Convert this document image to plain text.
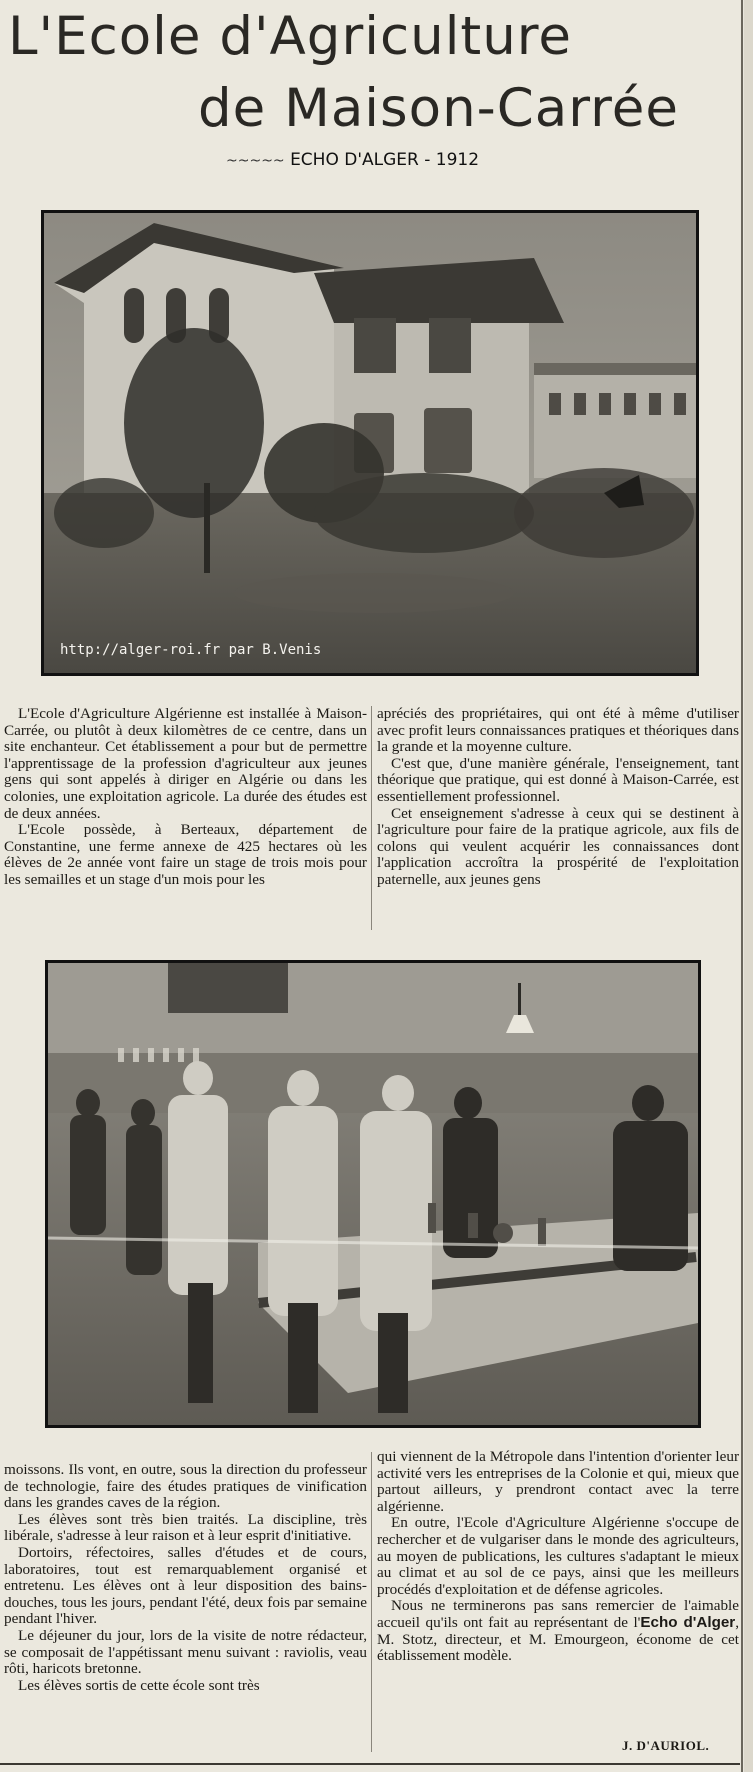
L'Ecole d'Agriculture
de Maison-Carrée
~~~~~ ECHO D'ALGER - 1912
http://alger-roi.fr par B.Venis

L'Ecole d'Agriculture Algérienne est installée à Maison-Carrée, ou plutôt à deux kilomètres de ce centre, dans un site enchanteur. Cet établissement a pour but de permettre l'apprentissage de la profession d'agriculteur aux jeunes gens qui sont appelés à diriger en Algérie ou dans les colonies, une exploitation agricole. La durée des études est de deux années.

L'Ecole possède, à Berteaux, département de Constantine, une ferme annexe de 425 hectares où les élèves de 2e année vont faire un stage de trois mois pour les semailles et un stage d'un mois pour les

apréciés des propriétaires, qui ont été à même d'utiliser avec profit leurs connaissances pratiques et théoriques dans la grande et la moyenne culture.

C'est que, d'une manière générale, l'enseignement, tant théorique que pratique, qui est donné à Maison-Carrée, est essentiellement professionnel.

Cet enseignement s'adresse à ceux qui se destinent à l'agriculture pour faire de la pratique agricole, aux fils de colons qui veulent acquérir les connaissances dont l'application accroîtra la prospérité de l'exploitation paternelle, aux jeunes gens

moissons. Ils vont, en outre, sous la direction du professeur de technologie, faire des études pratiques de vinification dans les grandes caves de la région.

Les élèves sont très bien traités. La discipline, très libérale, s'adresse à leur raison et à leur esprit d'initiative.

Dortoirs, réfectoires, salles d'études et de cours, laboratoires, tout est remarquablement organisé et entretenu. Les élèves ont à leur disposition des bains-douches, tous les jours, pendant l'été, deux fois par semaine pendant l'hiver.

Le déjeuner du jour, lors de la visite de notre rédacteur, se composait de l'appétissant menu suivant : raviolis, veau rôti, haricots bretonne.

Les élèves sortis de cette école sont très

qui viennent de la Métropole dans l'intention d'orienter leur activité vers les entreprises de la Colonie et qui, mieux que partout ailleurs, y prendront contact avec la terre algérienne.

En outre, l'Ecole d'Agriculture Algérienne s'occupe de rechercher et de vulgariser dans le monde des agriculteurs, au moyen de publications, les cultures s'adaptant le mieux au climat et au sol de ce pays, ainsi que les meilleurs procédés d'exploitation et de défense agricoles.

Nous ne terminerons pas sans remercier de l'aimable accueil qu'ils ont fait au représentant de l'Echo d'Alger, M. Stotz, directeur, et M. Emourgeon, économe de cet établissement modèle.

J. D'AURIOL.
